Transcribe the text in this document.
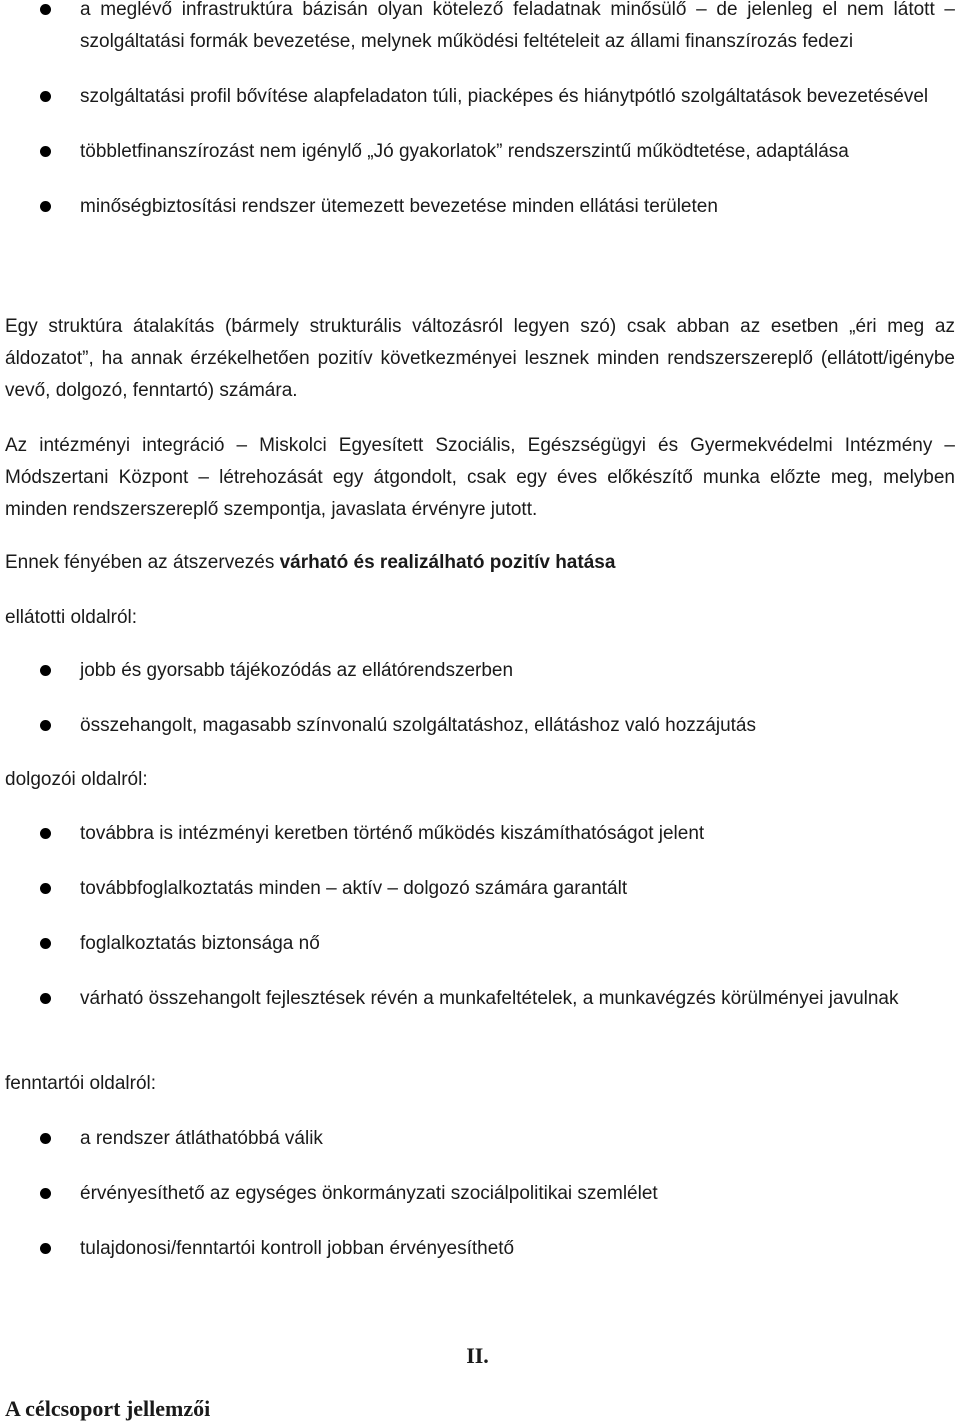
a meglévő infrastruktúra bázisán olyan kötelező feladatnak minősülő – de jelenleg el nem látott – szolgáltatási formák bevezetése, melynek működési feltételeit az állami finanszírozás fedezi
szolgáltatási profil bővítése alapfeladaton túli, piacképes és hiánytpótló szolgáltatások bevezetésével
többletfinanszírozást nem igénylő „Jó gyakorlatok” rendszerszintű működtetése, adaptálása
minőségbiztosítási rendszer ütemezett bevezetése minden ellátási területen

Egy struktúra átalakítás (bármely strukturális változásról legyen szó) csak abban az esetben „éri meg az áldozatot”, ha annak érzékelhetően pozitív következményei lesznek minden rendszerszereplő (ellátott/igénybe vevő, dolgozó, fenntartó) számára.

Az intézményi integráció – Miskolci Egyesített Szociális, Egészségügyi és Gyermekvédelmi Intézmény – Módszertani Központ – létrehozását egy átgondolt, csak egy éves előkészítő munka előzte meg, melyben minden rendszerszereplő szempontja, javaslata érvényre jutott.

Ennek fényében az átszervezés várható és realizálható pozitív hatása

ellátotti oldalról:

jobb és gyorsabb tájékozódás az ellátórendszerben
összehangolt, magasabb színvonalú szolgáltatáshoz, ellátáshoz való hozzájutás

dolgozói oldalról:

továbbra is intézményi keretben történő működés kiszámíthatóságot jelent
továbbfoglalkoztatás minden – aktív – dolgozó számára garantált
foglalkoztatás biztonsága nő
várható összehangolt fejlesztések révén a munkafeltételek, a munkavégzés körülményei javulnak

fenntartói oldalról:

a rendszer átláthatóbbá válik
érvényesíthető az egységes önkormányzati szociálpolitikai szemlélet
tulajdonosi/fenntartói kontroll jobban érvényesíthető
II.
A célcsoport jellemzői
